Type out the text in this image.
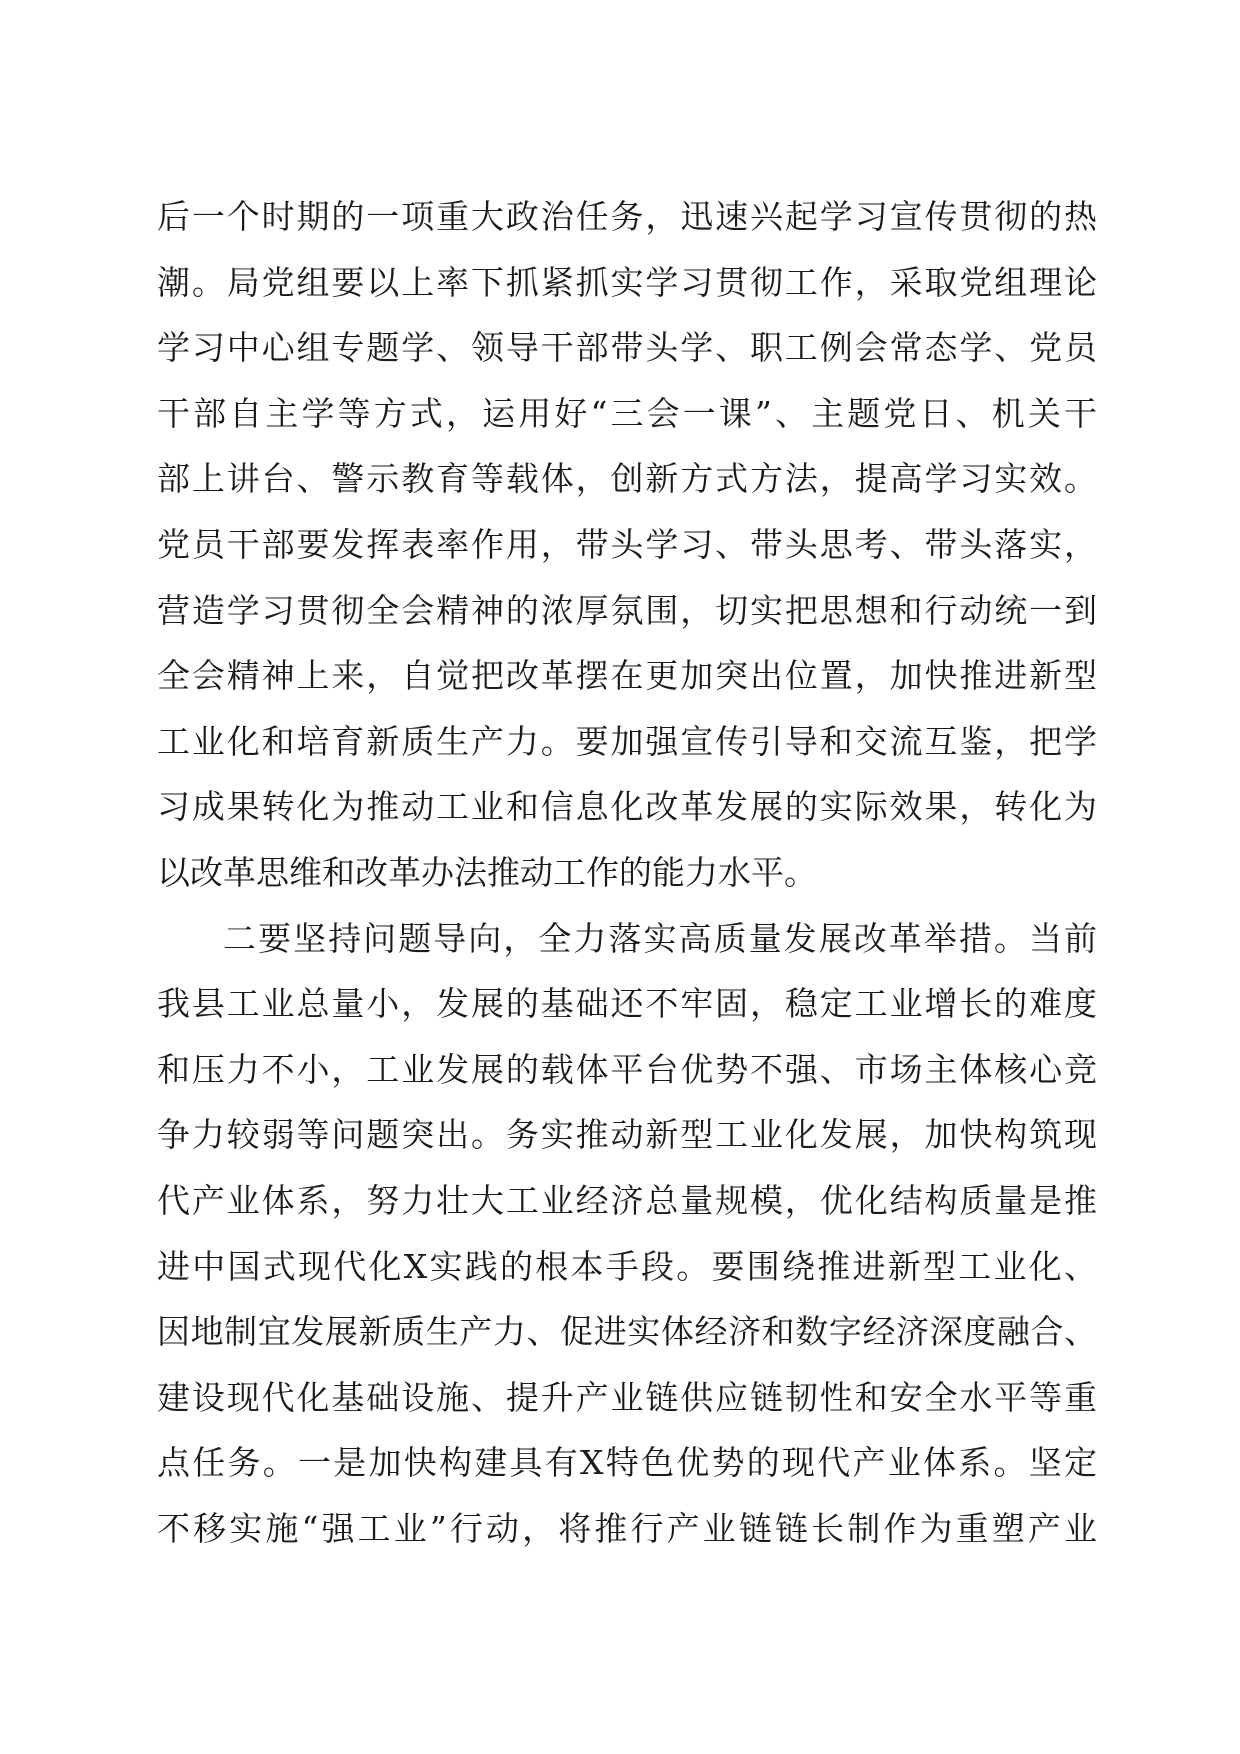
后一个时期的一项重大政治任务，迅速兴起学习宣传贯彻的热
潮。局党组要以上率下抓紧抓实学习贯彻工作，采取党组理论
学习中心组专题学、领导干部带头学、职工例会常态学、党员
干部自主学等方式，运用好“三会一课”、主题党日、机关干
部上讲台、警示教育等载体，创新方式方法，提高学习实效。
党员干部要发挥表率作用，带头学习、带头思考、带头落实，
营造学习贯彻全会精神的浓厚氛围，切实把思想和行动统一到
全会精神上来，自觉把改革摆在更加突出位置，加快推进新型
工业化和培育新质生产力。要加强宣传引导和交流互鉴，把学
习成果转化为推动工业和信息化改革发展的实际效果，转化为
以改革思维和改革办法推动工作的能力水平。
二要坚持问题导向，全力落实高质量发展改革举措。当前
我县工业总量小，发展的基础还不牢固，稳定工业增长的难度
和压力不小，工业发展的载体平台优势不强、市场主体核心竞
争力较弱等问题突出。务实推动新型工业化发展，加快构筑现
代产业体系，努力壮大工业经济总量规模，优化结构质量是推
进中国式现代化X实践的根本手段。要围绕推进新型工业化、
因地制宜发展新质生产力、促进实体经济和数字经济深度融合、
建设现代化基础设施、提升产业链供应链韧性和安全水平等重
点任务。一是加快构建具有X特色优势的现代产业体系。坚定
不移实施“强工业”行动，将推行产业链链长制作为重塑产业
